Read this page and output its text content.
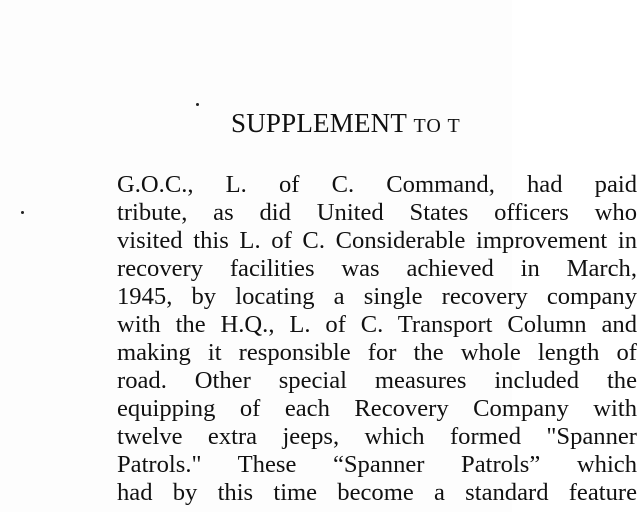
SUPPLEMENT TO T
G.O.C., L. of C. Command, had paid
tribute, as did United States officers who
visited this L. of C. Considerable improvement in
recovery facilities was achieved in March,
1945, by locating a single recovery company
with the H.Q., L. of C. Transport Column and
making it responsible for the whole length of
road. Other special measures included the
equipping of each Recovery Company with
twelve extra jeeps, which formed "Spanner
Patrols." These “Spanner Patrols” which
had by this time become a standard feature
